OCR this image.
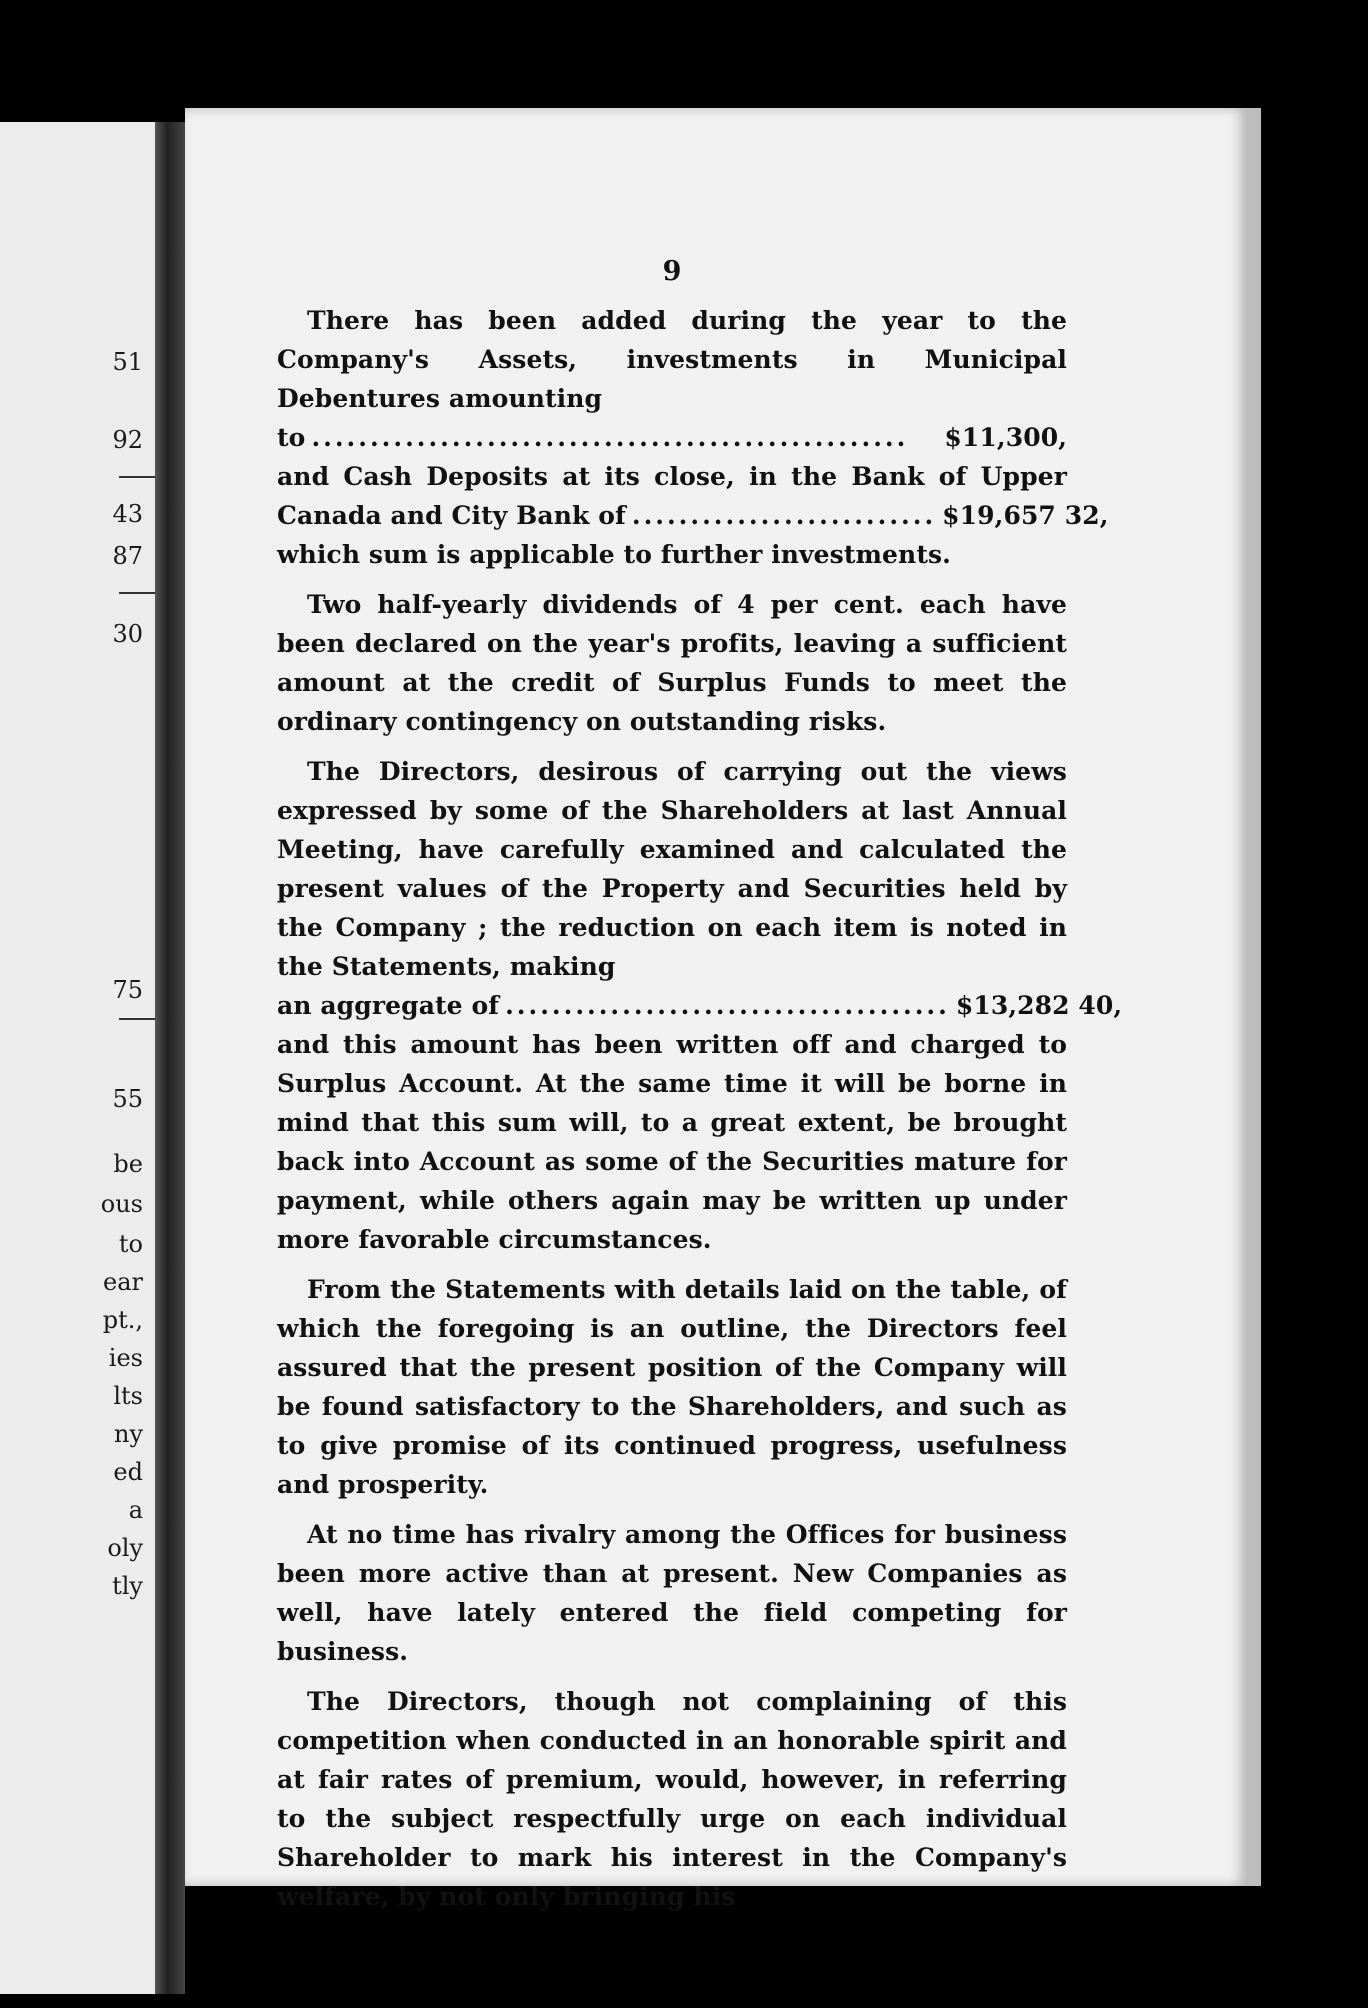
51
92
43
87
30
75
55
be
ous
to
ear
pt.,
ies
lts
ny
ed
a
oly
tly
9
There has been added during the year to the Company's Assets, investments in Municipal Debentures amounting
to ...................................................	$11,300,
and Cash Deposits at its close, in the Bank of Upper
Canada and City Bank of .......................... $19,657 32,
which sum is applicable to further investments.

Two half-yearly dividends of 4 per cent. each have been declared on the year's profits, leaving a sufficient amount at the credit of Surplus Funds to meet the ordinary contingency on outstanding risks.

The Directors, desirous of carrying out the views expressed by some of the Shareholders at last Annual Meeting, have carefully examined and calculated the present values of the Property and Securities held by the Company ; the reduction on each item is noted in the Statements, making
an aggregate of ...................................... $13,282 40,
and this amount has been written off and charged to Surplus Account. At the same time it will be borne in mind that this sum will, to a great extent, be brought back into Account as some of the Securities mature for payment, while others again may be written up under more favorable circumstances.

From the Statements with details laid on the table, of which the foregoing is an outline, the Directors feel assured that the present position of the Company will be found satisfactory to the Shareholders, and such as to give promise of its continued progress, usefulness and prosperity.

At no time has rivalry among the Offices for business been more active than at present. New Companies as well, have lately entered the field competing for business.

The Directors, though not complaining of this competition when conducted in an honorable spirit and at fair rates of premium, would, however, in referring to the subject respectfully urge on each individual Shareholder to mark his interest in the Company's welfare, by not only bringing his
